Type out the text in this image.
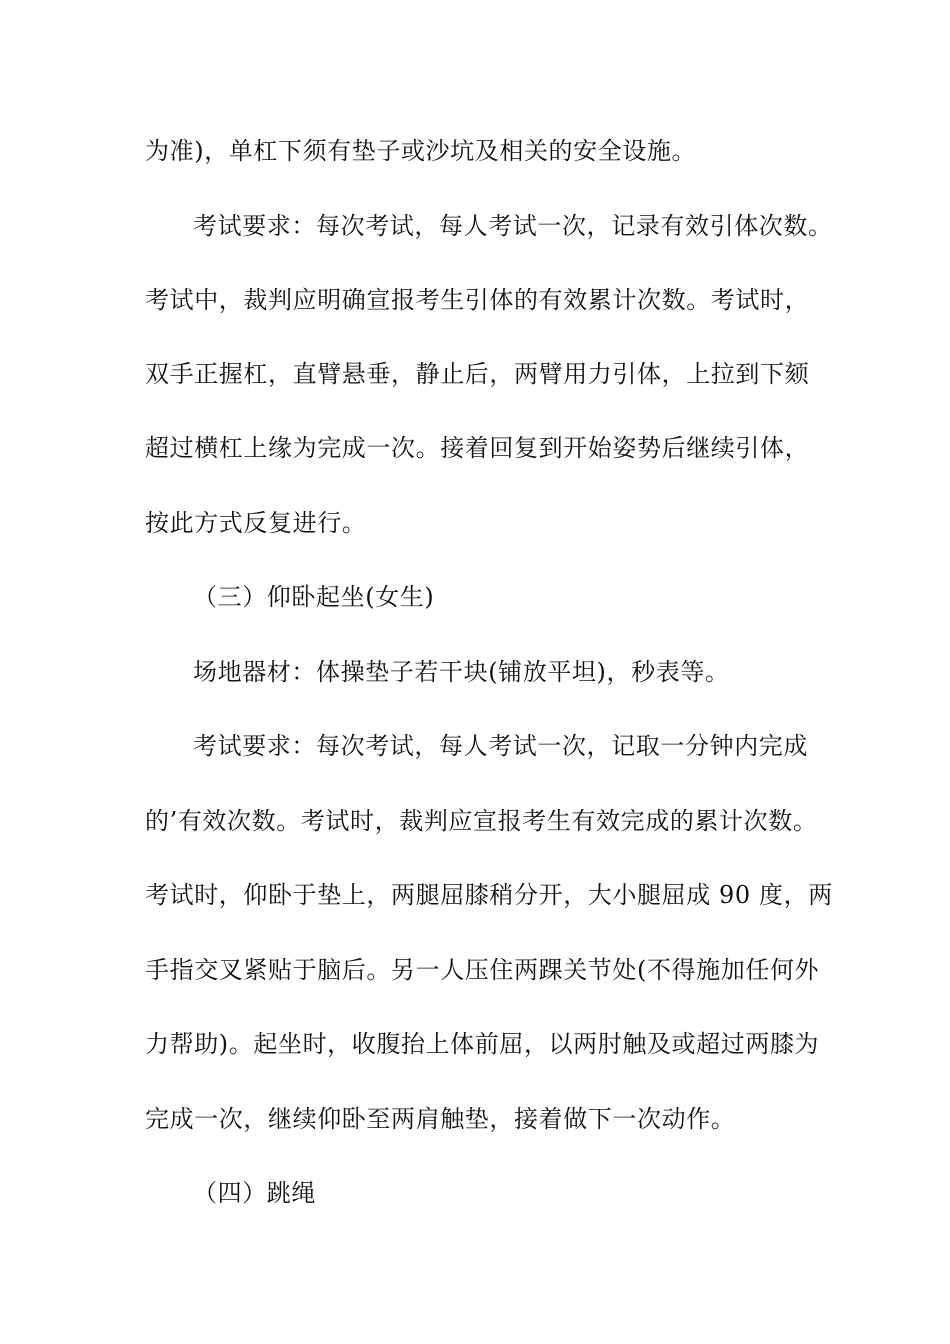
为准)，单杠下须有垫子或沙坑及相关的安全设施。
考试要求：每次考试，每人考试一次，记录有效引体次数。
考试中，裁判应明确宣报考生引体的有效累计次数。考试时，
双手正握杠，直臂悬垂，静止后，两臂用力引体，上拉到下颏
超过横杠上缘为完成一次。接着回复到开始姿势后继续引体，
按此方式反复进行。
（三）仰卧起坐(女生)
场地器材：体操垫子若干块(铺放平坦)，秒表等。
考试要求：每次考试，每人考试一次，记取一分钟内完成
的’有效次数。考试时，裁判应宣报考生有效完成的累计次数。
考试时，仰卧于垫上，两腿屈膝稍分开，大小腿屈成 90 度，两
手指交叉紧贴于脑后。另一人压住两踝关节处(不得施加任何外
力帮助)。起坐时，收腹抬上体前屈，以两肘触及或超过两膝为
完成一次，继续仰卧至两肩触垫，接着做下一次动作。
（四）跳绳
